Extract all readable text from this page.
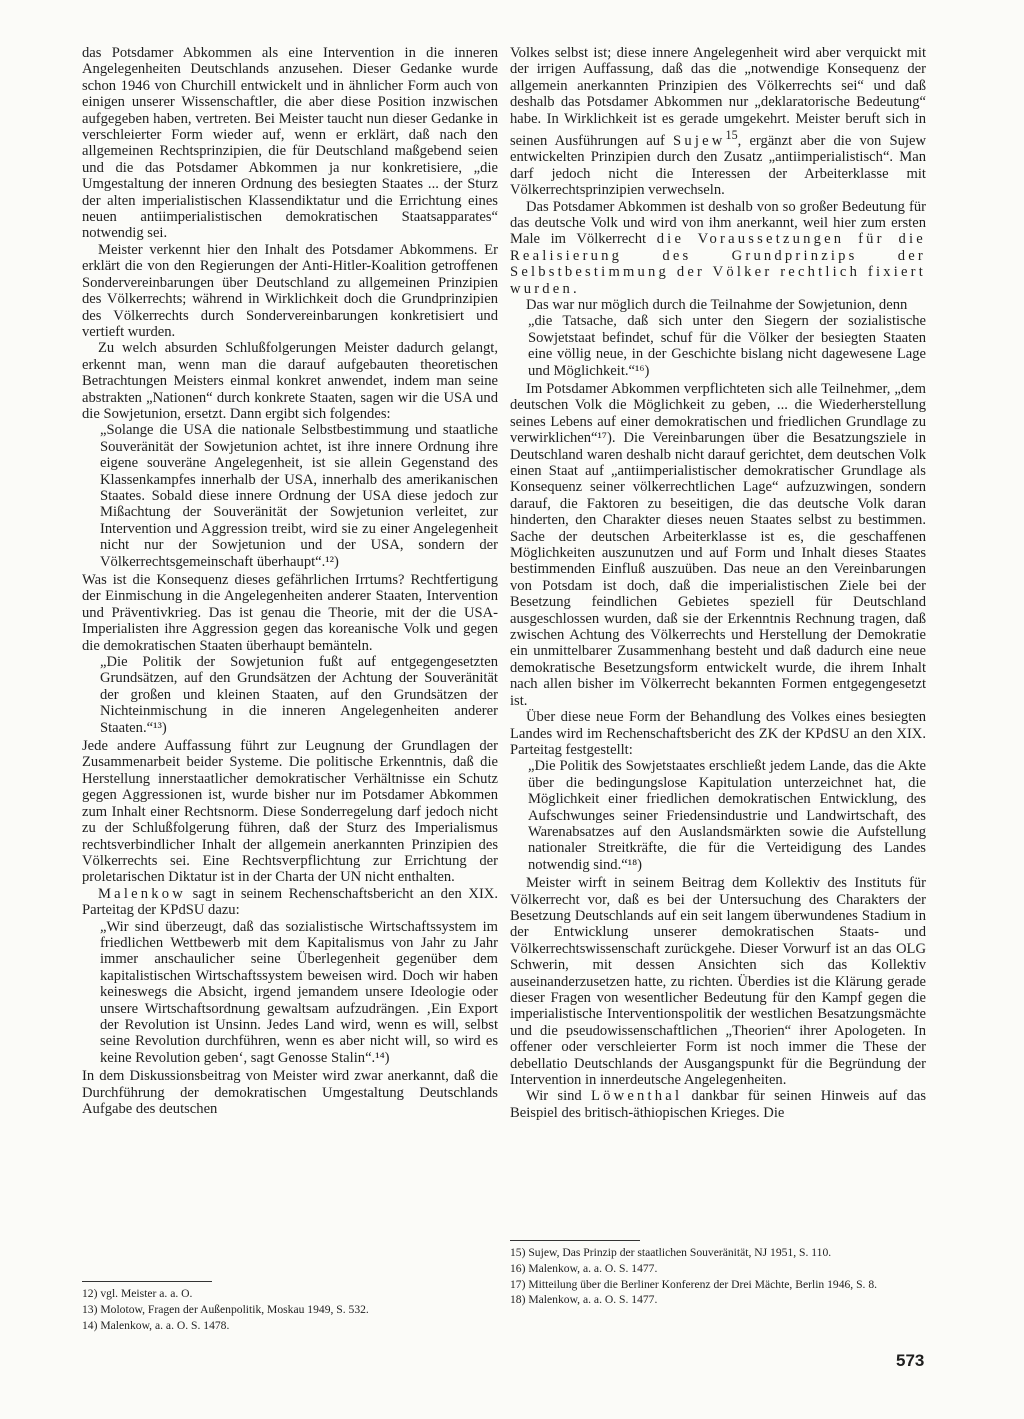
das Potsdamer Abkommen als eine Intervention in die inneren Angelegenheiten Deutschlands anzusehen. Dieser Gedanke wurde schon 1946 von Churchill entwickelt und in ähnlicher Form auch von einigen unserer Wissenschaftler, die aber diese Position inzwischen aufgegeben haben, vertreten. Bei Meister taucht nun dieser Gedanke in verschleierter Form wieder auf, wenn er erklärt, daß nach den allgemeinen Rechtsprinzipien, die für Deutschland maßgebend seien und die das Potsdamer Abkommen ja nur konkretisiere, „die Umgestaltung der inneren Ordnung des besiegten Staates ... der Sturz der alten imperialistischen Klassendiktatur und die Errichtung eines neuen antiimperialistischen demokratischen Staatsapparates“ notwendig sei.

Meister verkennt hier den Inhalt des Potsdamer Abkommens. Er erklärt die von den Regierungen der Anti-Hitler-Koalition getroffenen Sondervereinbarungen über Deutschland zu allgemeinen Prinzipien des Völkerrechts; während in Wirklichkeit doch die Grundprinzipien des Völkerrechts durch Sondervereinbarungen konkretisiert und vertieft wurden.

Zu welch absurden Schlußfolgerungen Meister dadurch gelangt, erkennt man, wenn man die darauf aufgebauten theoretischen Betrachtungen Meisters einmal konkret anwendet, indem man seine abstrakten „Nationen“ durch konkrete Staaten, sagen wir die USA und die Sowjetunion, ersetzt. Dann ergibt sich folgendes:

„Solange die USA die nationale Selbstbestimmung und staatliche Souveränität der Sowjetunion achtet, ist ihre innere Ordnung ihre eigene souveräne Angelegenheit, ist sie allein Gegenstand des Klassenkampfes innerhalb der USA, innerhalb des amerikanischen Staates. Sobald diese innere Ordnung der USA diese jedoch zur Mißachtung der Souveränität der Sowjetunion verleitet, zur Intervention und Aggression treibt, wird sie zu einer Angelegenheit nicht nur der Sowjetunion und der USA, sondern der Völkerrechtsgemeinschaft überhaupt“.¹²)

Was ist die Konsequenz dieses gefährlichen Irrtums? Rechtfertigung der Einmischung in die Angelegenheiten anderer Staaten, Intervention und Präventivkrieg. Das ist genau die Theorie, mit der die USA-Imperialisten ihre Aggression gegen das koreanische Volk und gegen die demokratischen Staaten überhaupt bemänteln.

„Die Politik der Sowjetunion fußt auf entgegengesetzten Grundsätzen, auf den Grundsätzen der Achtung der Souveränität der großen und kleinen Staaten, auf den Grundsätzen der Nichteinmischung in die inneren Angelegenheiten anderer Staaten.“¹³)

Jede andere Auffassung führt zur Leugnung der Grundlagen der Zusammenarbeit beider Systeme. Die politische Erkenntnis, daß die Herstellung innerstaatlicher demokratischer Verhältnisse ein Schutz gegen Aggressionen ist, wurde bisher nur im Potsdamer Abkommen zum Inhalt einer Rechtsnorm. Diese Sonderregelung darf jedoch nicht zu der Schlußfolgerung führen, daß der Sturz des Imperialismus rechtsverbindlicher Inhalt der allgemein anerkannten Prinzipien des Völkerrechts sei. Eine Rechtsverpflichtung zur Errichtung der proletarischen Diktatur ist in der Charta der UN nicht enthalten.

Malenkow sagt in seinem Rechenschaftsbericht an den XIX. Parteitag der KPdSU dazu:

„Wir sind überzeugt, daß das sozialistische Wirtschaftssystem im friedlichen Wettbewerb mit dem Kapitalismus von Jahr zu Jahr immer anschaulicher seine Überlegenheit gegenüber dem kapitalistischen Wirtschaftssystem beweisen wird. Doch wir haben keineswegs die Absicht, irgend jemandem unsere Ideologie oder unsere Wirtschaftsordnung gewaltsam aufzudrängen. ‚Ein Export der Revolution ist Unsinn. Jedes Land wird, wenn es will, selbst seine Revolution durchführen, wenn es aber nicht will, so wird es keine Revolution geben‘, sagt Genosse Stalin“.¹⁴)

In dem Diskussionsbeitrag von Meister wird zwar anerkannt, daß die Durchführung der demokratischen Umgestaltung Deutschlands Aufgabe des deutschen

12) vgl. Meister a. a. O.
13) Molotow, Fragen der Außenpolitik, Moskau 1949, S. 532.
14) Malenkow, a. a. O. S. 1478.

Volkes selbst ist; diese innere Angelegenheit wird aber verquickt mit der irrigen Auffassung, daß das die „notwendige Konsequenz der allgemein anerkannten Prinzipien des Völkerrechts sei“ und daß deshalb das Potsdamer Abkommen nur „deklaratorische Bedeutung“ habe. In Wirklichkeit ist es gerade umgekehrt. Meister beruft sich in seinen Ausführungen auf Sujew$^{15}$, ergänzt aber die von Sujew entwickelten Prinzipien durch den Zusatz „antiimperialistisch“. Man darf jedoch nicht die Interessen der Arbeiterklasse mit Völkerrechtsprinzipien verwechseln.

Das Potsdamer Abkommen ist deshalb von so großer Bedeutung für das deutsche Volk und wird von ihm anerkannt, weil hier zum ersten Male im Völkerrecht die Voraussetzungen für die Realisierung des Grundprinzips der Selbstbestimmung der Völker rechtlich fixiert wurden.

Das war nur möglich durch die Teilnahme der Sowjetunion, denn

„die Tatsache, daß sich unter den Siegern der sozialistische Sowjetstaat befindet, schuf für die Völker der besiegten Staaten eine völlig neue, in der Geschichte bislang nicht dagewesene Lage und Möglichkeit.“¹⁶)

Im Potsdamer Abkommen verpflichteten sich alle Teilnehmer, „dem deutschen Volk die Möglichkeit zu geben, ... die Wiederherstellung seines Lebens auf einer demokratischen und friedlichen Grundlage zu verwirklichen“¹⁷). Die Vereinbarungen über die Besatzungsziele in Deutschland waren deshalb nicht darauf gerichtet, dem deutschen Volk einen Staat auf „antiimperialistischer demokratischer Grundlage als Konsequenz seiner völkerrechtlichen Lage“ aufzuzwingen, sondern darauf, die Faktoren zu beseitigen, die das deutsche Volk daran hinderten, den Charakter dieses neuen Staates selbst zu bestimmen. Sache der deutschen Arbeiterklasse ist es, die geschaffenen Möglichkeiten auszunutzen und auf Form und Inhalt dieses Staates bestimmenden Einfluß auszuüben. Das neue an den Vereinbarungen von Potsdam ist doch, daß die imperialistischen Ziele bei der Besetzung feindlichen Gebietes speziell für Deutschland ausgeschlossen wurden, daß sie der Erkenntnis Rechnung tragen, daß zwischen Achtung des Völkerrechts und Herstellung der Demokratie ein unmittelbarer Zusammenhang besteht und daß dadurch eine neue demokratische Besetzungsform entwickelt wurde, die ihrem Inhalt nach allen bisher im Völkerrecht bekannten Formen entgegengesetzt ist.

Über diese neue Form der Behandlung des Volkes eines besiegten Landes wird im Rechenschaftsbericht des ZK der KPdSU an den XIX. Parteitag festgestellt:

„Die Politik des Sowjetstaates erschließt jedem Lande, das die Akte über die bedingungslose Kapitulation unterzeichnet hat, die Möglichkeit einer friedlichen demokratischen Entwicklung, des Aufschwunges seiner Friedensindustrie und Landwirtschaft, des Warenabsatzes auf den Auslandsmärkten sowie die Aufstellung nationaler Streitkräfte, die für die Verteidigung des Landes notwendig sind.“¹⁸)

Meister wirft in seinem Beitrag dem Kollektiv des Instituts für Völkerrecht vor, daß es bei der Untersuchung des Charakters der Besetzung Deutschlands auf ein seit langem überwundenes Stadium in der Entwicklung unserer demokratischen Staats- und Völkerrechtswissenschaft zurückgehe. Dieser Vorwurf ist an das OLG Schwerin, mit dessen Ansichten sich das Kollektiv auseinanderzusetzen hatte, zu richten. Überdies ist die Klärung gerade dieser Fragen von wesentlicher Bedeutung für den Kampf gegen die imperialistische Interventionspolitik der westlichen Besatzungsmächte und die pseudowissenschaftlichen „Theorien“ ihrer Apologeten. In offener oder verschleierter Form ist noch immer die These der debellatio Deutschlands der Ausgangspunkt für die Begründung der Intervention in innerdeutsche Angelegenheiten.

Wir sind Löwenthal dankbar für seinen Hinweis auf das Beispiel des britisch-äthiopischen Krieges. Die

15) Sujew, Das Prinzip der staatlichen Souveränität, NJ 1951, S. 110.
16) Malenkow, a. a. O. S. 1477.
17) Mitteilung über die Berliner Konferenz der Drei Mächte, Berlin 1946, S. 8.
18) Malenkow, a. a. O. S. 1477.
573
